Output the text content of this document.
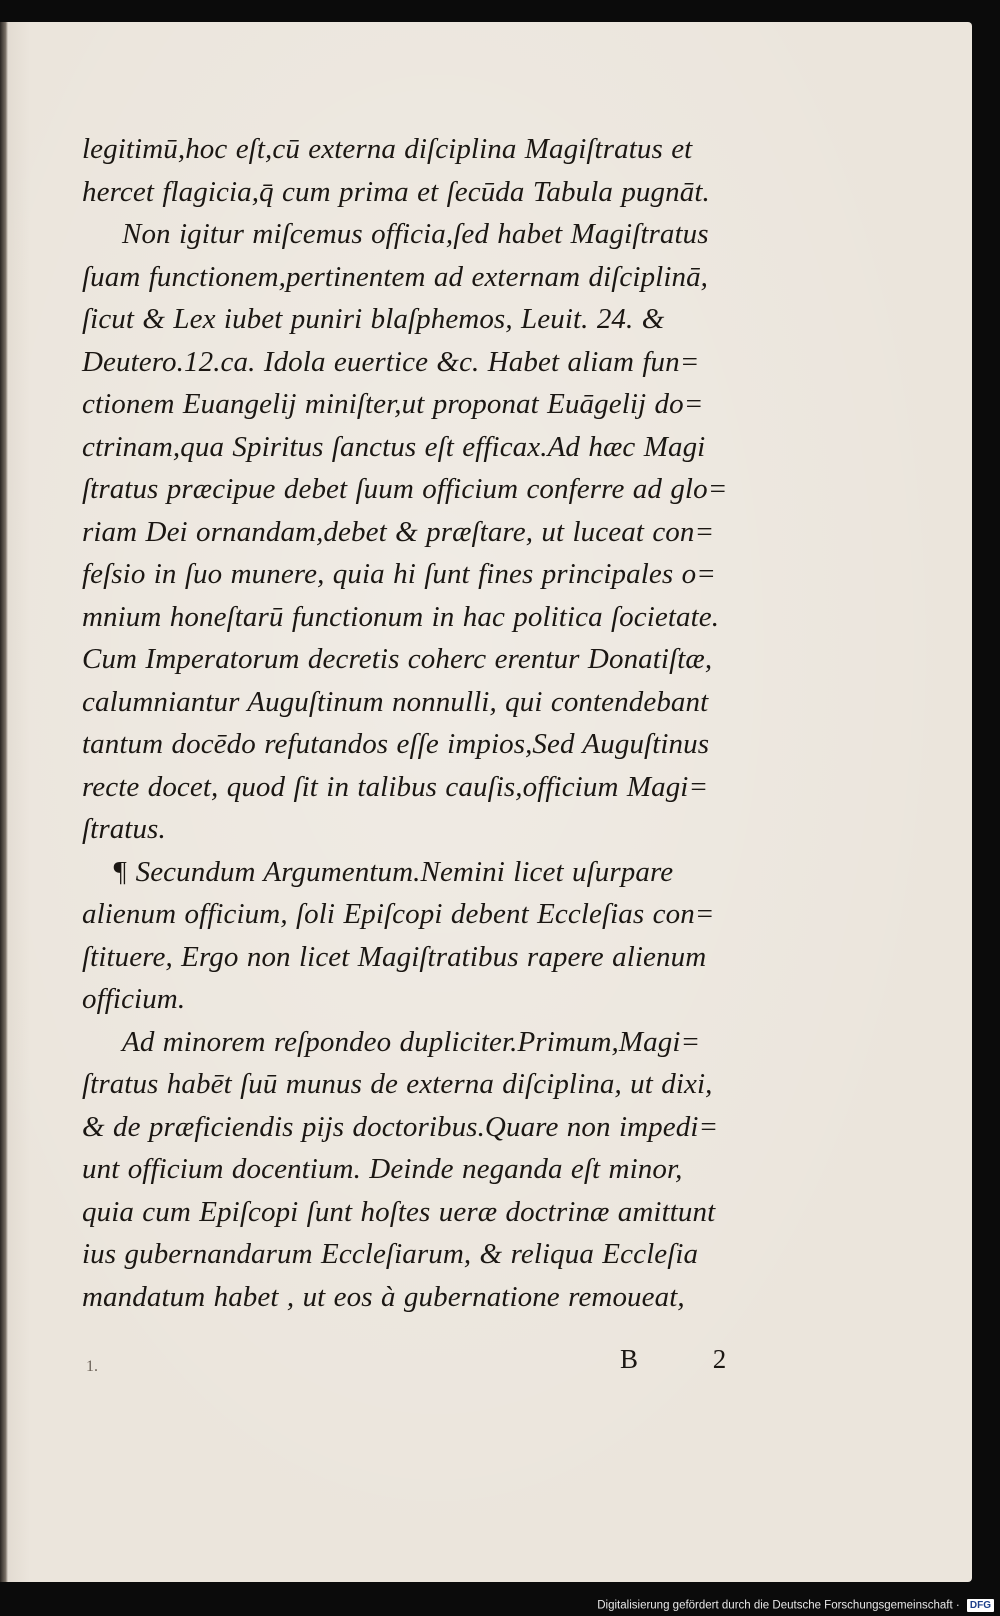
legitimū,hoc eſt,cū externa diſciplina Magiſtratus et
hercet flagicia,q̄ cum prima et ſecūda Tabula pugnāt.
Non igitur miſcemus officia,ſed habet Magiſtratus
ſuam functionem,pertinentem ad externam diſciplinā,
ſicut & Lex iubet puniri blaſphemos, Leuit. 24. &
Deutero.12.ca. Idola euertice &c. Habet aliam fun=
ctionem Euangelij miniſter,ut proponat Euāgelij do=
ctrinam,qua Spiritus ſanctus eſt efficax.Ad hæc Magi
ſtratus præcipue debet ſuum officium conferre ad glo=
riam Dei ornandam,debet & præſtare, ut luceat con=
feſsio in ſuo munere, quia hi ſunt fines principales o=
mnium honeſtarū functionum in hac politica ſocietate.
Cum Imperatorum decretis coherc erentur Donatiſtæ,
calumniantur Auguſtinum nonnulli, qui contendebant
tantum docēdo refutandos eſſe impios,Sed Auguſtinus
recte docet, quod ſit in talibus cauſis,officium Magi=
ſtratus.
¶ Secundum Argumentum.Nemini licet uſurpare
alienum officium, ſoli Epiſcopi debent Eccleſias con=
ſtituere, Ergo non licet Magiſtratibus rapere alienum
officium.
Ad minorem reſpondeo dupliciter.Primum,Magi=
ſtratus habēt ſuū munus de externa diſciplina, ut dixi,
& de præficiendis pijs doctoribus.Quare non impedi=
unt officium docentium. Deinde neganda eſt minor,
quia cum Epiſcopi ſunt hoſtes ueræ doctrinæ amittunt
ius gubernandarum Eccleſiarum, & reliqua Eccleſia
mandatum habet , ut eos à gubernatione remoueat,
B 2
1.
Digitalisierung gefördert durch die Deutsche Forschungsgemeinschaft · DFG
